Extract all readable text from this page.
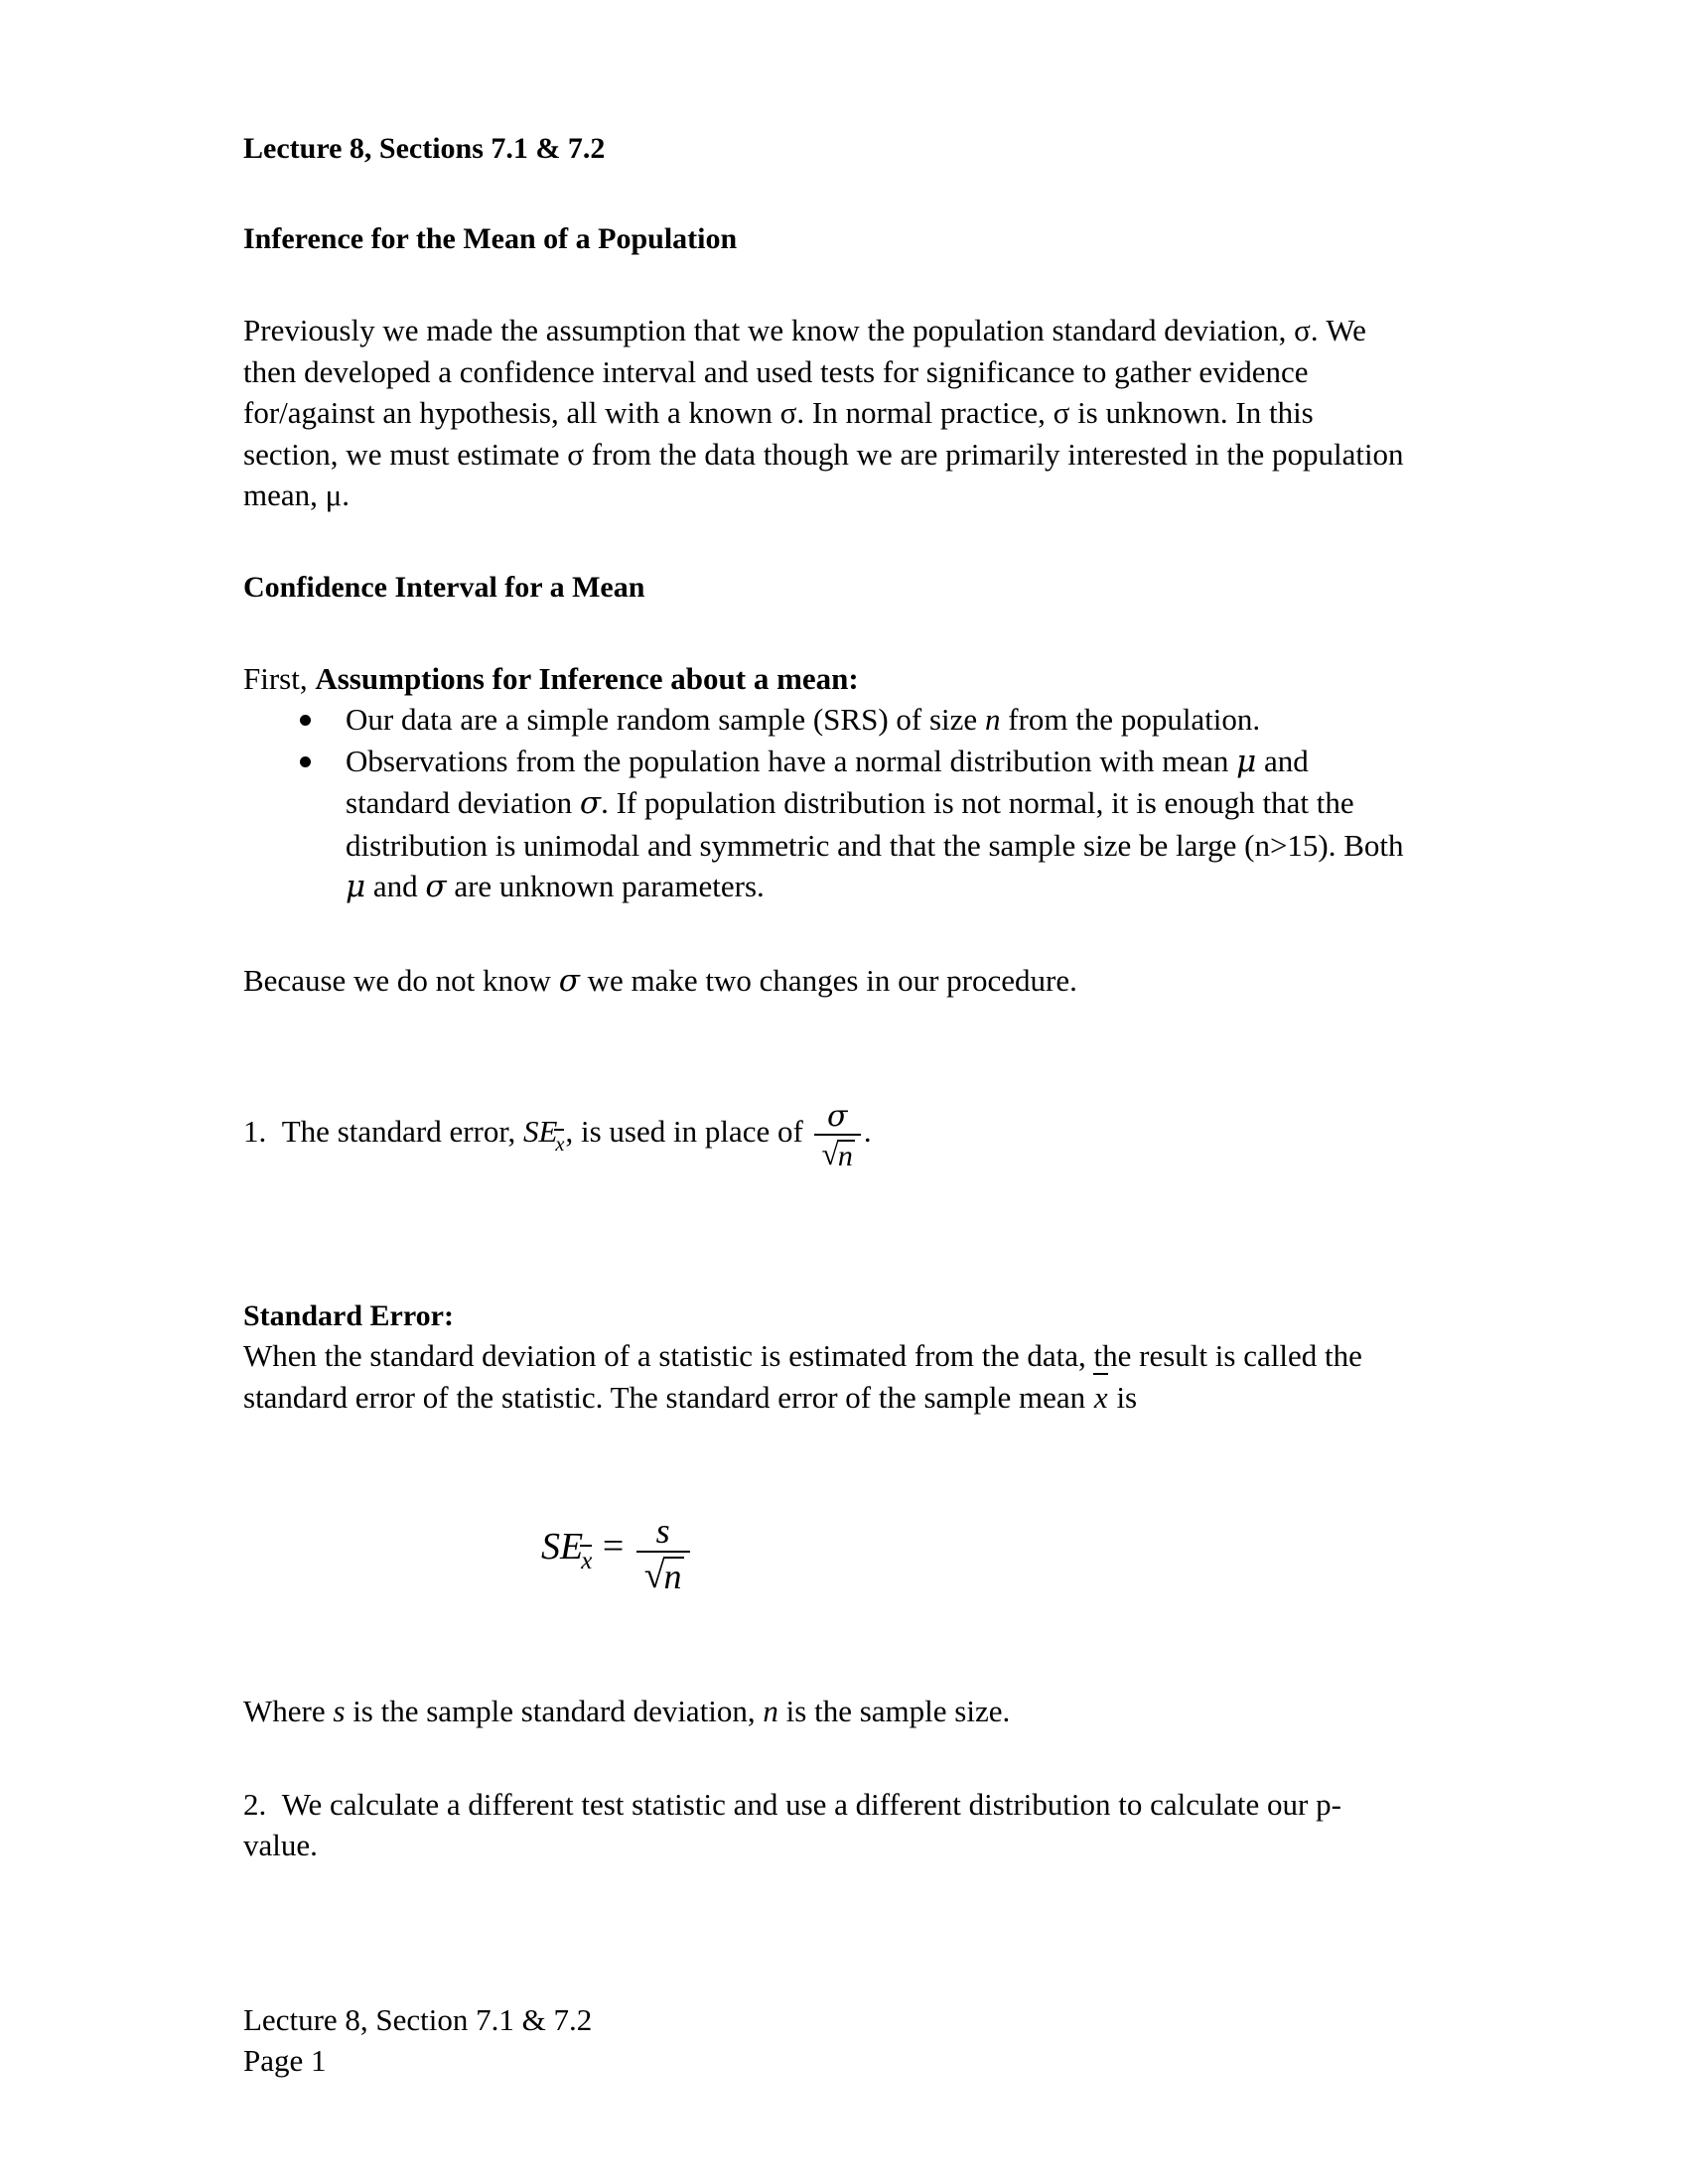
Lecture 8, Sections 7.1 & 7.2
Inference for the Mean of a Population

Previously we made the assumption that we know the population standard deviation, σ. We then developed a confidence interval and used tests for significance to gather evidence for/against an hypothesis, all with a known σ. In normal practice, σ is unknown. In this section, we must estimate σ from the data though we are primarily interested in the population mean, μ.

Confidence Interval for a Mean

First, Assumptions for Inference about a mean:

Our data are a simple random sample (SRS) of size n from the population.
Observations from the population have a normal distribution with mean μ and standard deviation σ. If population distribution is not normal, it is enough that the distribution is unimodal and symmetric and that the sample size be large (n>15). Both μ and σ are unknown parameters.

Because we do not know σ we make two changes in our procedure.

1. The standard error, SEx, is used in place of $\frac{\sigma}{√n}$ .

Standard Error:

When the standard deviation of a statistic is estimated from the data, the result is called the standard error of the statistic. The standard error of the sample mean x is

SEx = $\frac{s}{√n}$

Where s is the sample standard deviation, n is the sample size.

2. We calculate a different test statistic and use a different distribution to calculate our p-value.

Lecture 8, Section 7.1 & 7.2
Page 1
